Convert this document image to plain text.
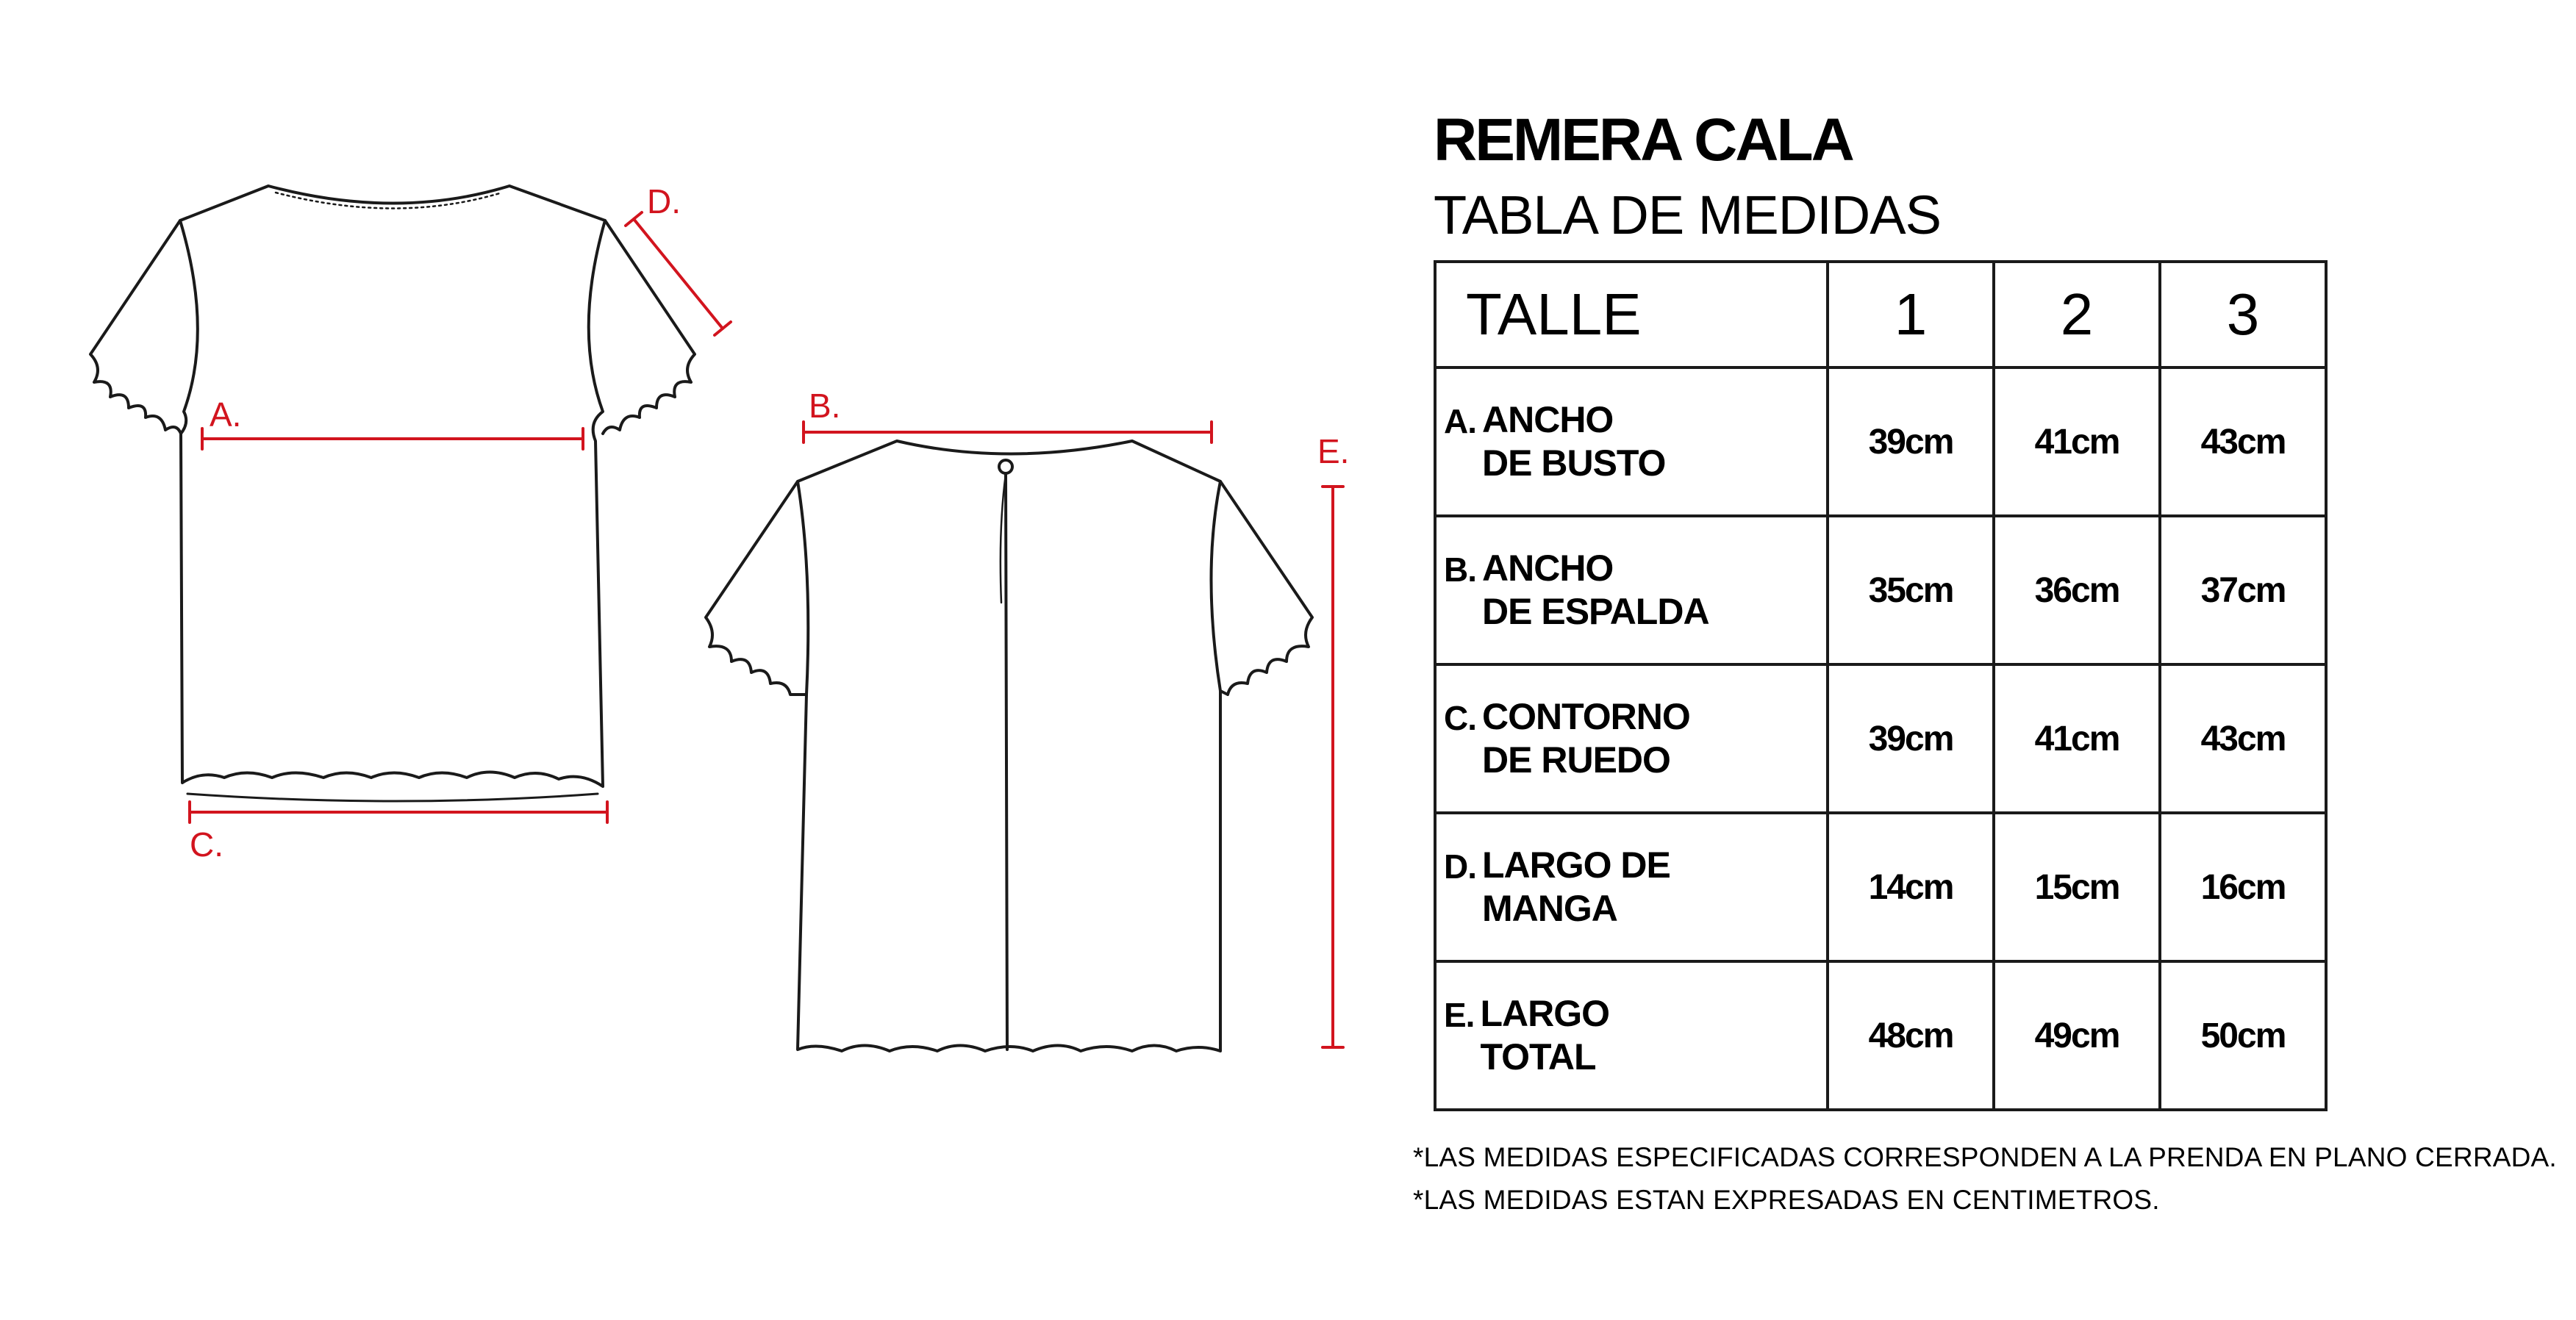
A.	B.
C.
D.
E.
REMERA CALA
TABLA DE MEDIDAS
TALLE	1	2	3

A. ANCHO
DE BUSTO	39cm	41cm	43cm

B. ANCHO
DE ESPALDA	35cm	36cm	37cm

C. CONTORNO
DE RUEDO	39cm	41cm	43cm

D. LARGO DE
MANGA	14cm	15cm	16cm

E. LARGO
TOTAL	48cm	49cm	50cm
*LAS MEDIDAS ESPECIFICADAS CORRESPONDEN A LA PRENDA EN PLANO CERRADA.
*LAS MEDIDAS ESTAN EXPRESADAS EN CENTIMETROS.
